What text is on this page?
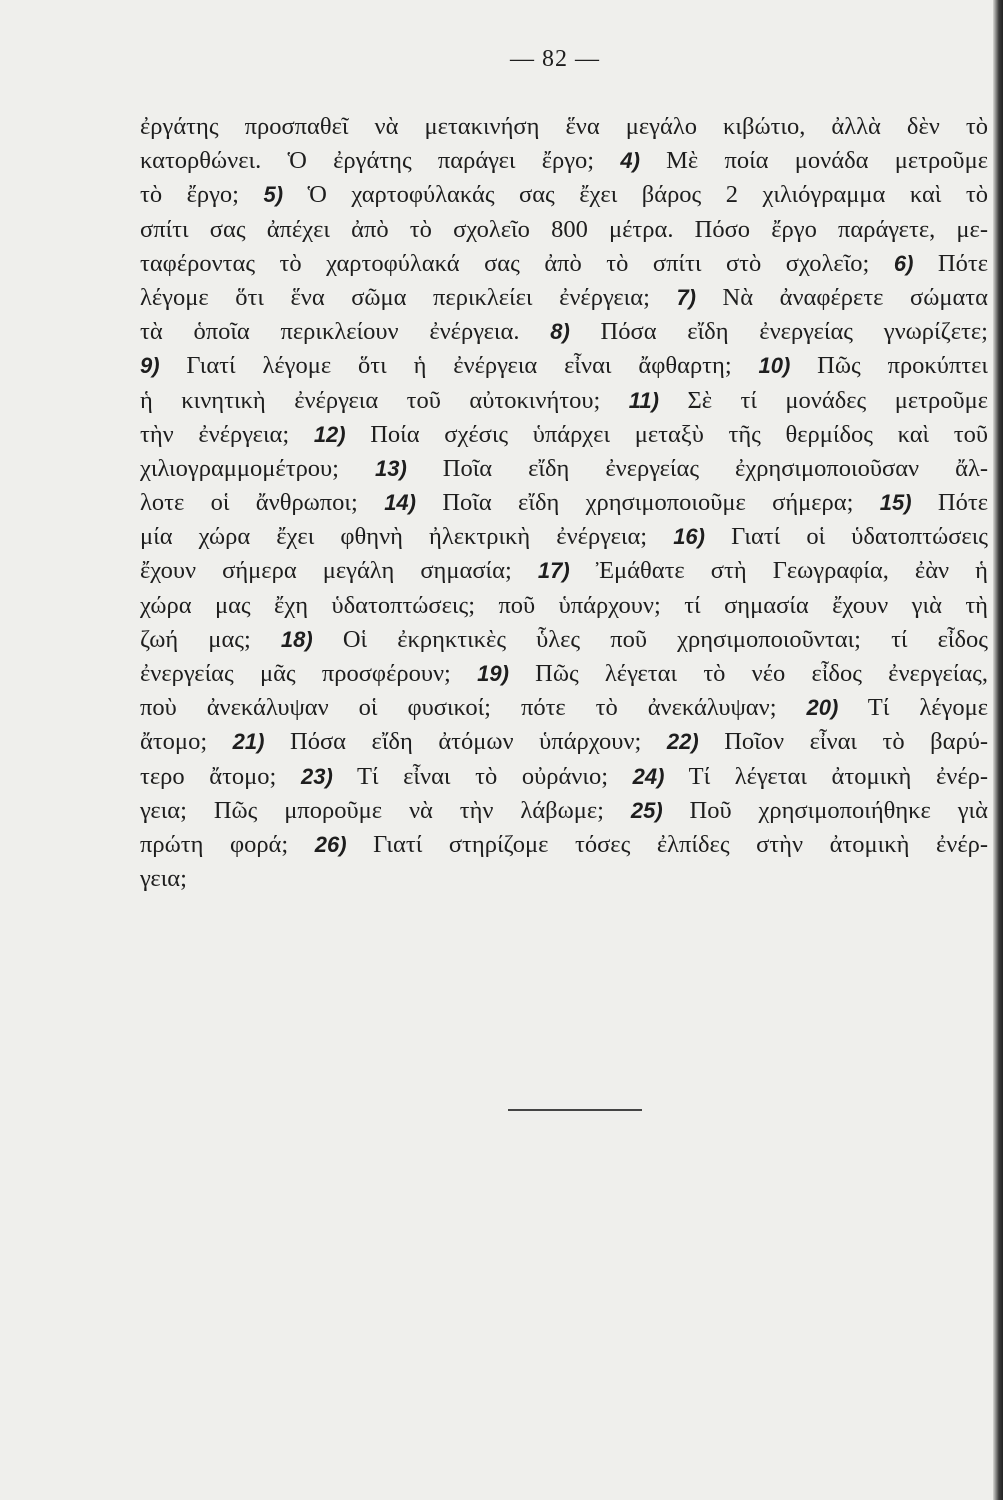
— 82 —
ἐργάτης προσπαθεῖ νὰ μετακινήση ἕνα μεγάλο κιβώτιο, ἀλλὰ δὲν τὸ
κατορθώνει. Ὁ ἐργάτης παράγει ἔργο; 4) Μὲ ποία μονάδα μετροῦμε
τὸ ἔργο; 5) Ὁ χαρτοφύλακάς σας ἔχει βάρος 2 χιλιόγραμμα καὶ τὸ
σπίτι σας ἀπέχει ἀπὸ τὸ σχολεῖο 800 μέτρα. Πόσο ἔργο παράγετε, με-
ταφέροντας τὸ χαρτοφύλακά σας ἀπὸ τὸ σπίτι στὸ σχολεῖο; 6) Πότε
λέγομε ὅτι ἕνα σῶμα περικλείει ἐνέργεια; 7) Νὰ ἀναφέρετε σώματα
τὰ ὁποῖα περικλείουν ἐνέργεια. 8) Πόσα εἴδη ἐνεργείας γνωρίζετε;
9) Γιατί λέγομε ὅτι ἡ ἐνέργεια εἶναι ἄφθαρτη; 10) Πῶς προκύπτει
ἡ κινητικὴ ἐνέργεια τοῦ αὐτοκινήτου; 11) Σὲ τί μονάδες μετροῦμε
τὴν ἐνέργεια; 12) Ποία σχέσις ὑπάρχει μεταξὺ τῆς θερμίδος καὶ τοῦ
χιλιογραμμομέτρου; 13) Ποῖα εἴδη ἐνεργείας ἐχρησιμοποιοῦσαν ἄλ-
λοτε οἱ ἄνθρωποι; 14) Ποῖα εἴδη χρησιμοποιοῦμε σήμερα; 15) Πότε
μία χώρα ἔχει φθηνὴ ἠλεκτρικὴ ἐνέργεια; 16) Γιατί οἱ ὑδατοπτώσεις
ἔχουν σήμερα μεγάλη σημασία; 17) Ἐμάθατε στὴ Γεωγραφία, ἐὰν ἡ
χώρα μας ἔχη ὑδατοπτώσεις; ποῦ ὑπάρχουν; τί σημασία ἔχουν γιὰ τὴ
ζωή μας; 18) Οἱ ἐκρηκτικὲς ὗλες ποῦ χρησιμοποιοῦνται; τί εἶδος
ἐνεργείας μᾶς προσφέρουν; 19) Πῶς λέγεται τὸ νέο εἶδος ἐνεργείας,
ποὺ ἀνεκάλυψαν οἱ φυσικοί; πότε τὸ ἀνεκάλυψαν; 20) Τί λέγομε
ἄτομο; 21) Πόσα εἴδη ἀτόμων ὑπάρχουν; 22) Ποῖον εἶναι τὸ βαρύ-
τερο ἄτομο; 23) Τί εἶναι τὸ οὐράνιο; 24) Τί λέγεται ἀτομικὴ ἐνέρ-
γεια; Πῶς μποροῦμε νὰ τὴν λάβωμε; 25) Ποῦ χρησιμοποιήθηκε γιὰ
πρώτη φορά; 26) Γιατί στηρίζομε τόσες ἐλπίδες στὴν ἀτομικὴ ἐνέρ-
γεια;
